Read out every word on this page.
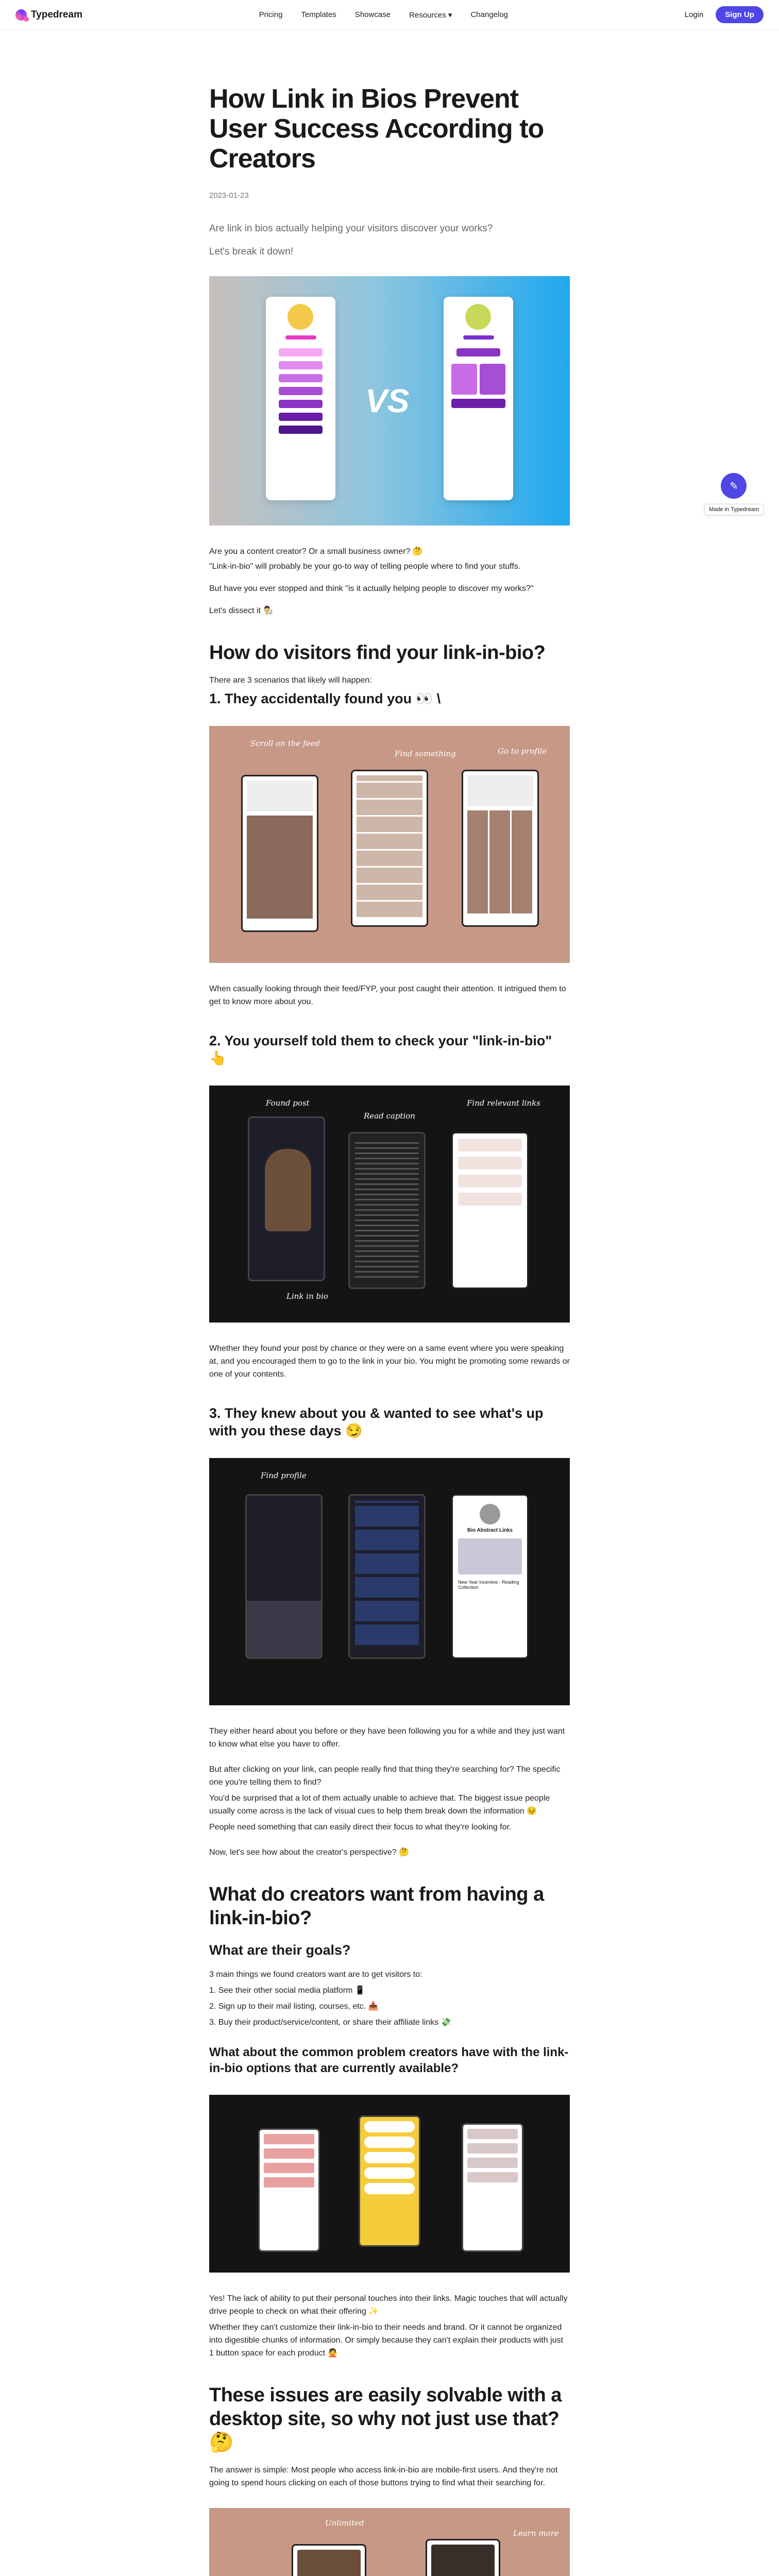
Typedream	Pricing Templates Showcase Resources ▾ Changelog	Login	Sign Up
How Link in Bios Prevent User Success According to Creators
2023-01-23

Are link in bios actually helping your visitors discover your works?

Let's break it down!

VS

Are you a content creator? Or a small business owner? 🤔

"Link-in-bio" will probably be your go-to way of telling people where to find your stuffs.

But have you ever stopped and think "is it actually helping people to discover my works?"

Let's dissect it 👨‍🔬

How do visitors find your link-in-bio?

There are 3 scenarios that likely will happen:

1. They accidentally found you 👀 \
Scroll on the feed
Find something	Go to profile

When casually looking through their feed/FYP, your post caught their attention. It intrigued them to get to know more about you.

2. You yourself told them to check your "link-in-bio" 👆
Found post
Read caption
Find relevant links
Link in bio

Whether they found your post by chance or they were on a same event where you were speaking at, and you encouraged them to go to the link in your bio. You might be promoting some rewards or one of your contents.

3. They knew about you & wanted to see what's up with you these days 😏
Bio Abstract Links
New Year Incentive - Reading Collection
Find profile

They either heard about you before or they have been following you for a while and they just want to know what else you have to offer.

But after clicking on your link, can people really find that thing they're searching for? The specific one you're telling them to find?

You'd be surprised that a lot of them actually unable to achieve that. The biggest issue people usually come across is the lack of visual cues to help them break down the information 😣

People need something that can easily direct their focus to what they're looking for.

Now, let's see how about the creator's perspective? 🤔

What do creators want from having a link-in-bio?
What are their goals?

3 main things we found creators want are to get visitors to:

1. See their other social media platform 📱

2. Sign up to their mail listing, courses, etc. 📥

3. Buy their product/service/content, or share their affiliate links 💸

What about the common problem creators have with the link-in-bio options that are currently available?

Yes! The lack of ability to put their personal touches into their links. Magic touches that will actually drive people to check on what their offering ✨

Whether they can't customize their link-in-bio to their needs and brand. Or it cannot be organized into digestible chunks of information. Or simply because they can't explain their products with just 1 button space for each product 🙅

These issues are easily solvable with a desktop site, so why not just use that? 🤔

The answer is simple: Most people who access link-in-bio are mobile-first users. And they're not going to spend hours clicking on each of those buttons trying to find what their searching for.

Unlimited
Learn more

✎
Made in Typedream
